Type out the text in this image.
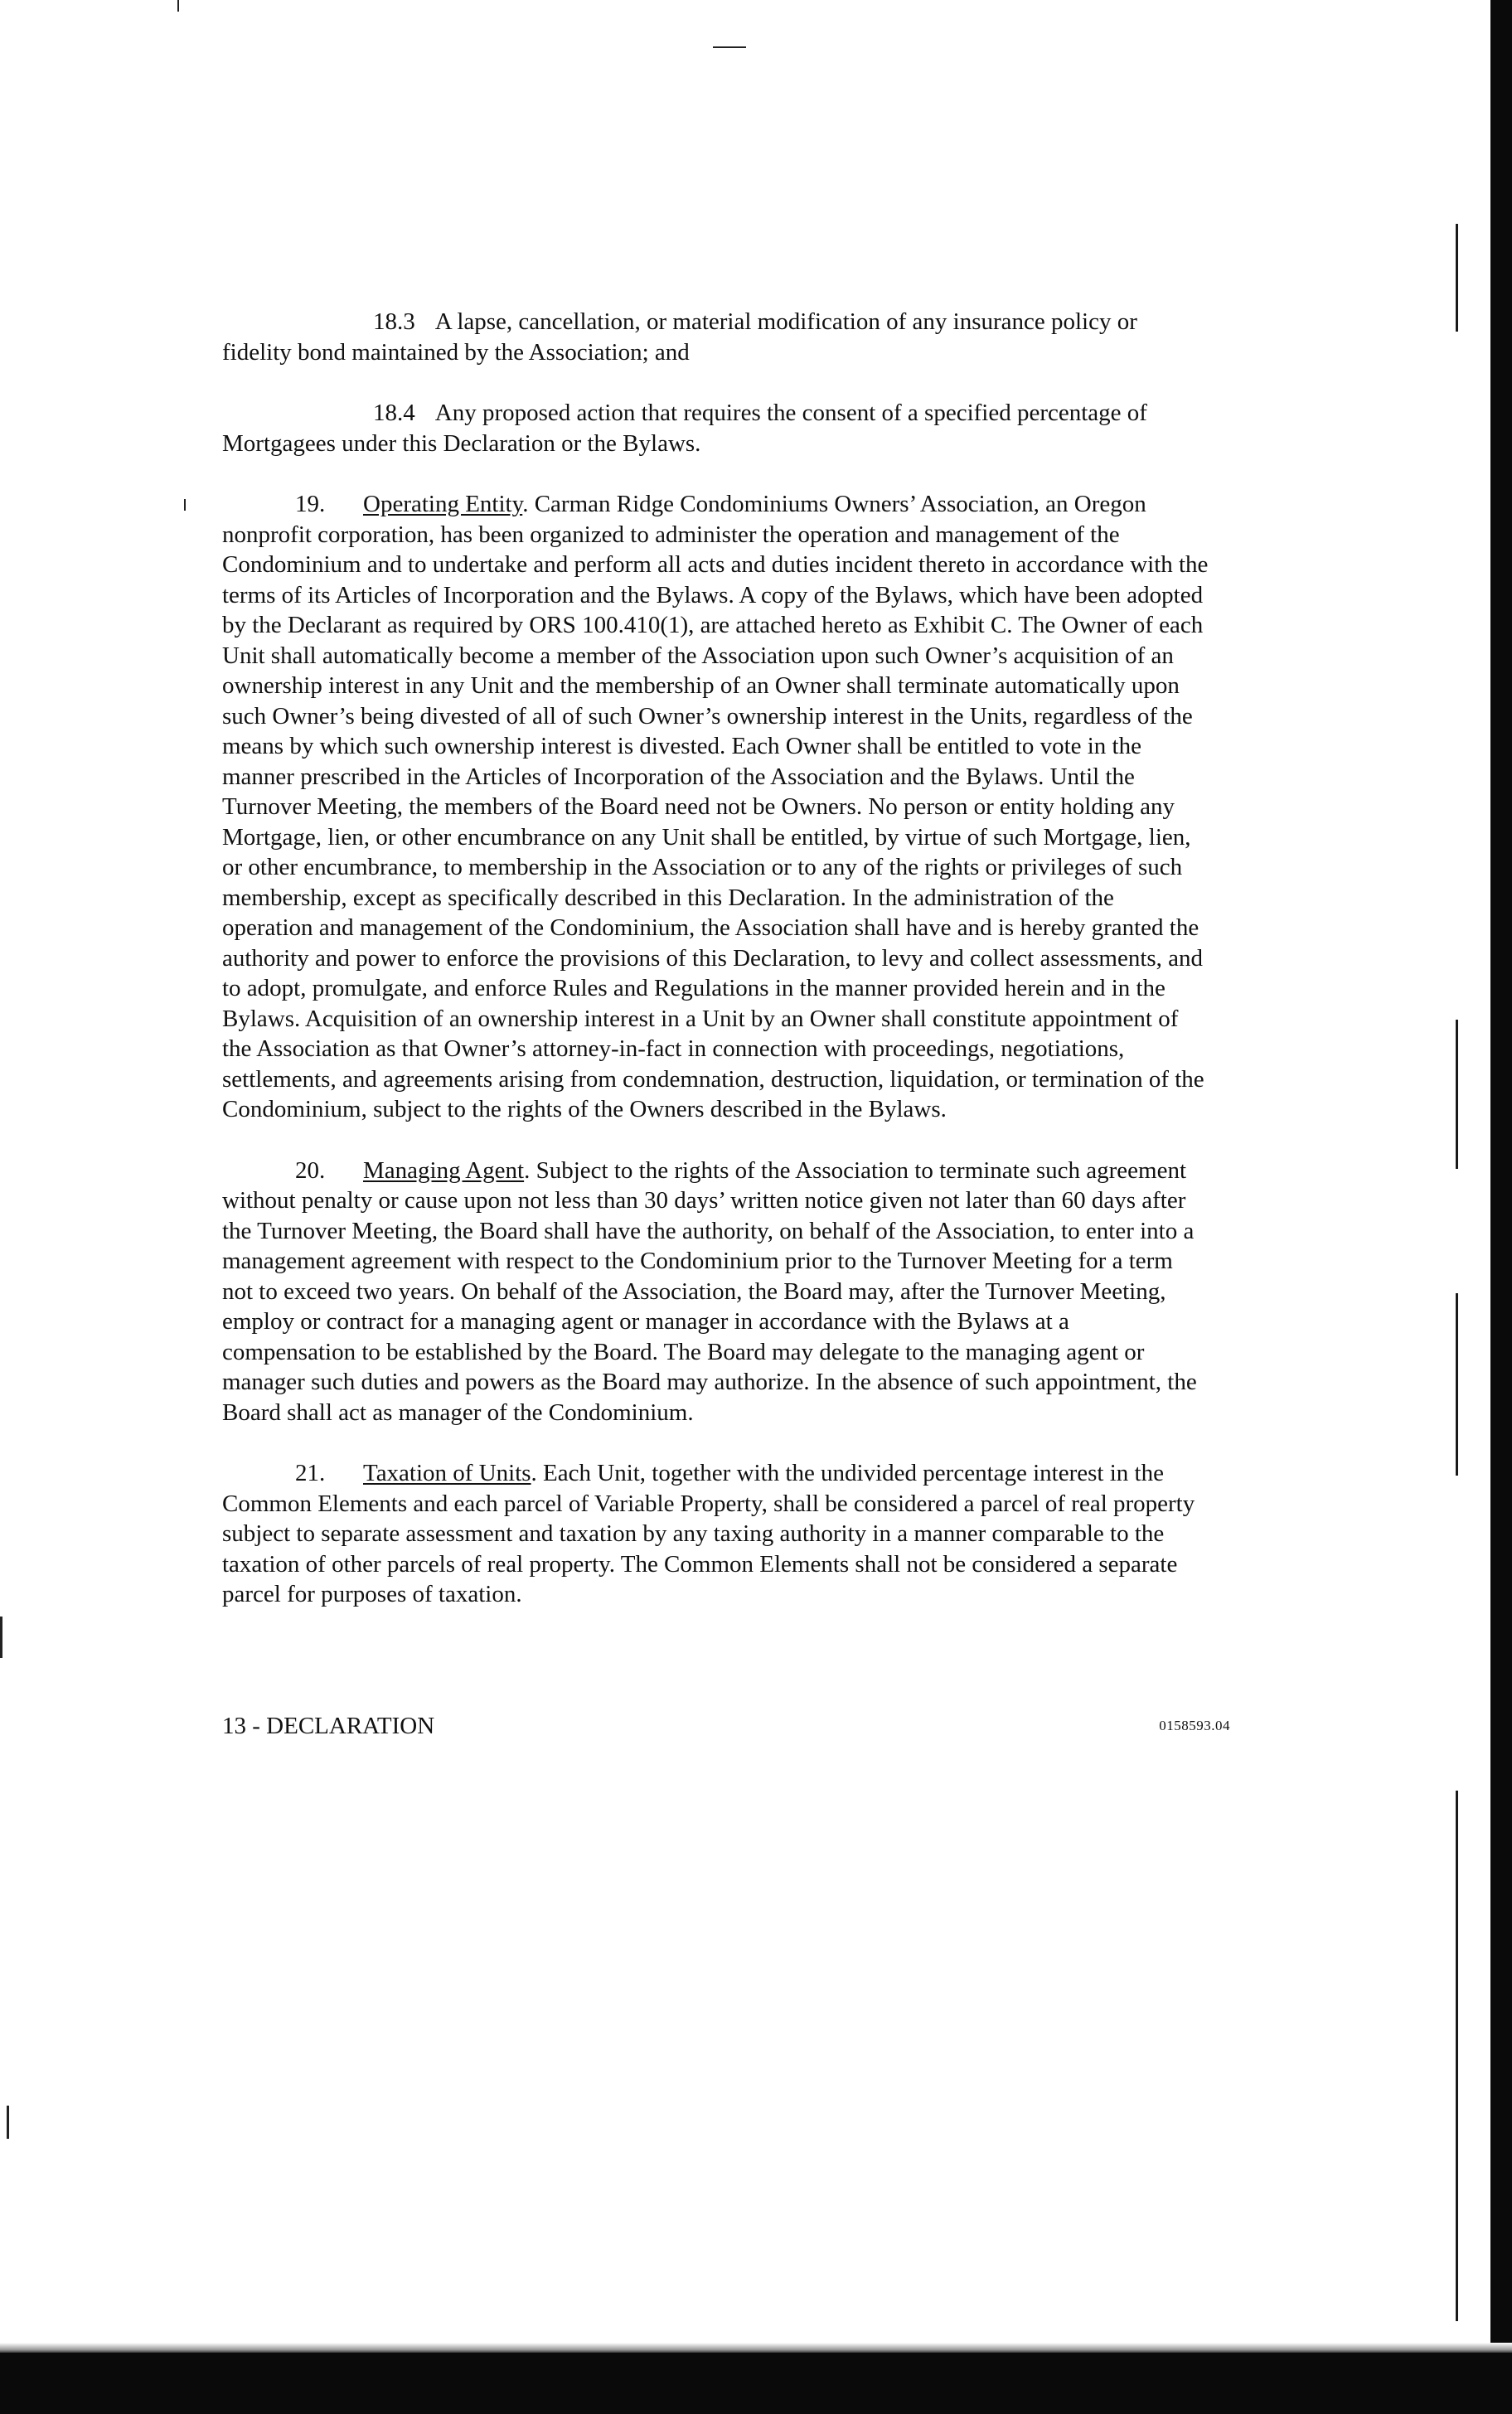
18.3 A lapse, cancellation, or material modification of any insurance policy or fidelity bond maintained by the Association; and

18.4 Any proposed action that requires the consent of a specified percentage of Mortgagees under this Declaration or the Bylaws.

19. Operating Entity. Carman Ridge Condominiums Owners’ Association, an Oregon nonprofit corporation, has been organized to administer the operation and management of the Condominium and to undertake and perform all acts and duties incident thereto in accordance with the terms of its Articles of Incorporation and the Bylaws. A copy of the Bylaws, which have been adopted by the Declarant as required by ORS 100.410(1), are attached hereto as Exhibit C. The Owner of each Unit shall automatically become a member of the Association upon such Owner’s acquisition of an ownership interest in any Unit and the membership of an Owner shall terminate automatically upon such Owner’s being divested of all of such Owner’s ownership interest in the Units, regardless of the means by which such ownership interest is divested. Each Owner shall be entitled to vote in the manner prescribed in the Articles of Incorporation of the Association and the Bylaws. Until the Turnover Meeting, the members of the Board need not be Owners. No person or entity holding any Mortgage, lien, or other encumbrance on any Unit shall be entitled, by virtue of such Mortgage, lien, or other encumbrance, to membership in the Association or to any of the rights or privileges of such membership, except as specifically described in this Declaration. In the administration of the operation and management of the Condominium, the Association shall have and is hereby granted the authority and power to enforce the provisions of this Declaration, to levy and collect assessments, and to adopt, promulgate, and enforce Rules and Regulations in the manner provided herein and in the Bylaws. Acquisition of an ownership interest in a Unit by an Owner shall constitute appointment of the Association as that Owner’s attorney-in-fact in connection with proceedings, negotiations, settlements, and agreements arising from condemnation, destruction, liquidation, or termination of the Condominium, subject to the rights of the Owners described in the Bylaws.

20. Managing Agent. Subject to the rights of the Association to terminate such agreement without penalty or cause upon not less than 30 days’ written notice given not later than 60 days after the Turnover Meeting, the Board shall have the authority, on behalf of the Association, to enter into a management agreement with respect to the Condominium prior to the Turnover Meeting for a term not to exceed two years. On behalf of the Association, the Board may, after the Turnover Meeting, employ or contract for a managing agent or manager in accordance with the Bylaws at a compensation to be established by the Board. The Board may delegate to the managing agent or manager such duties and powers as the Board may authorize. In the absence of such appointment, the Board shall act as manager of the Condominium.

21. Taxation of Units. Each Unit, together with the undivided percentage interest in the Common Elements and each parcel of Variable Property, shall be considered a parcel of real property subject to separate assessment and taxation by any taxing authority in a manner comparable to the taxation of other parcels of real property. The Common Elements shall not be considered a separate parcel for purposes of taxation.

13 - DECLARATION	0158593.04
